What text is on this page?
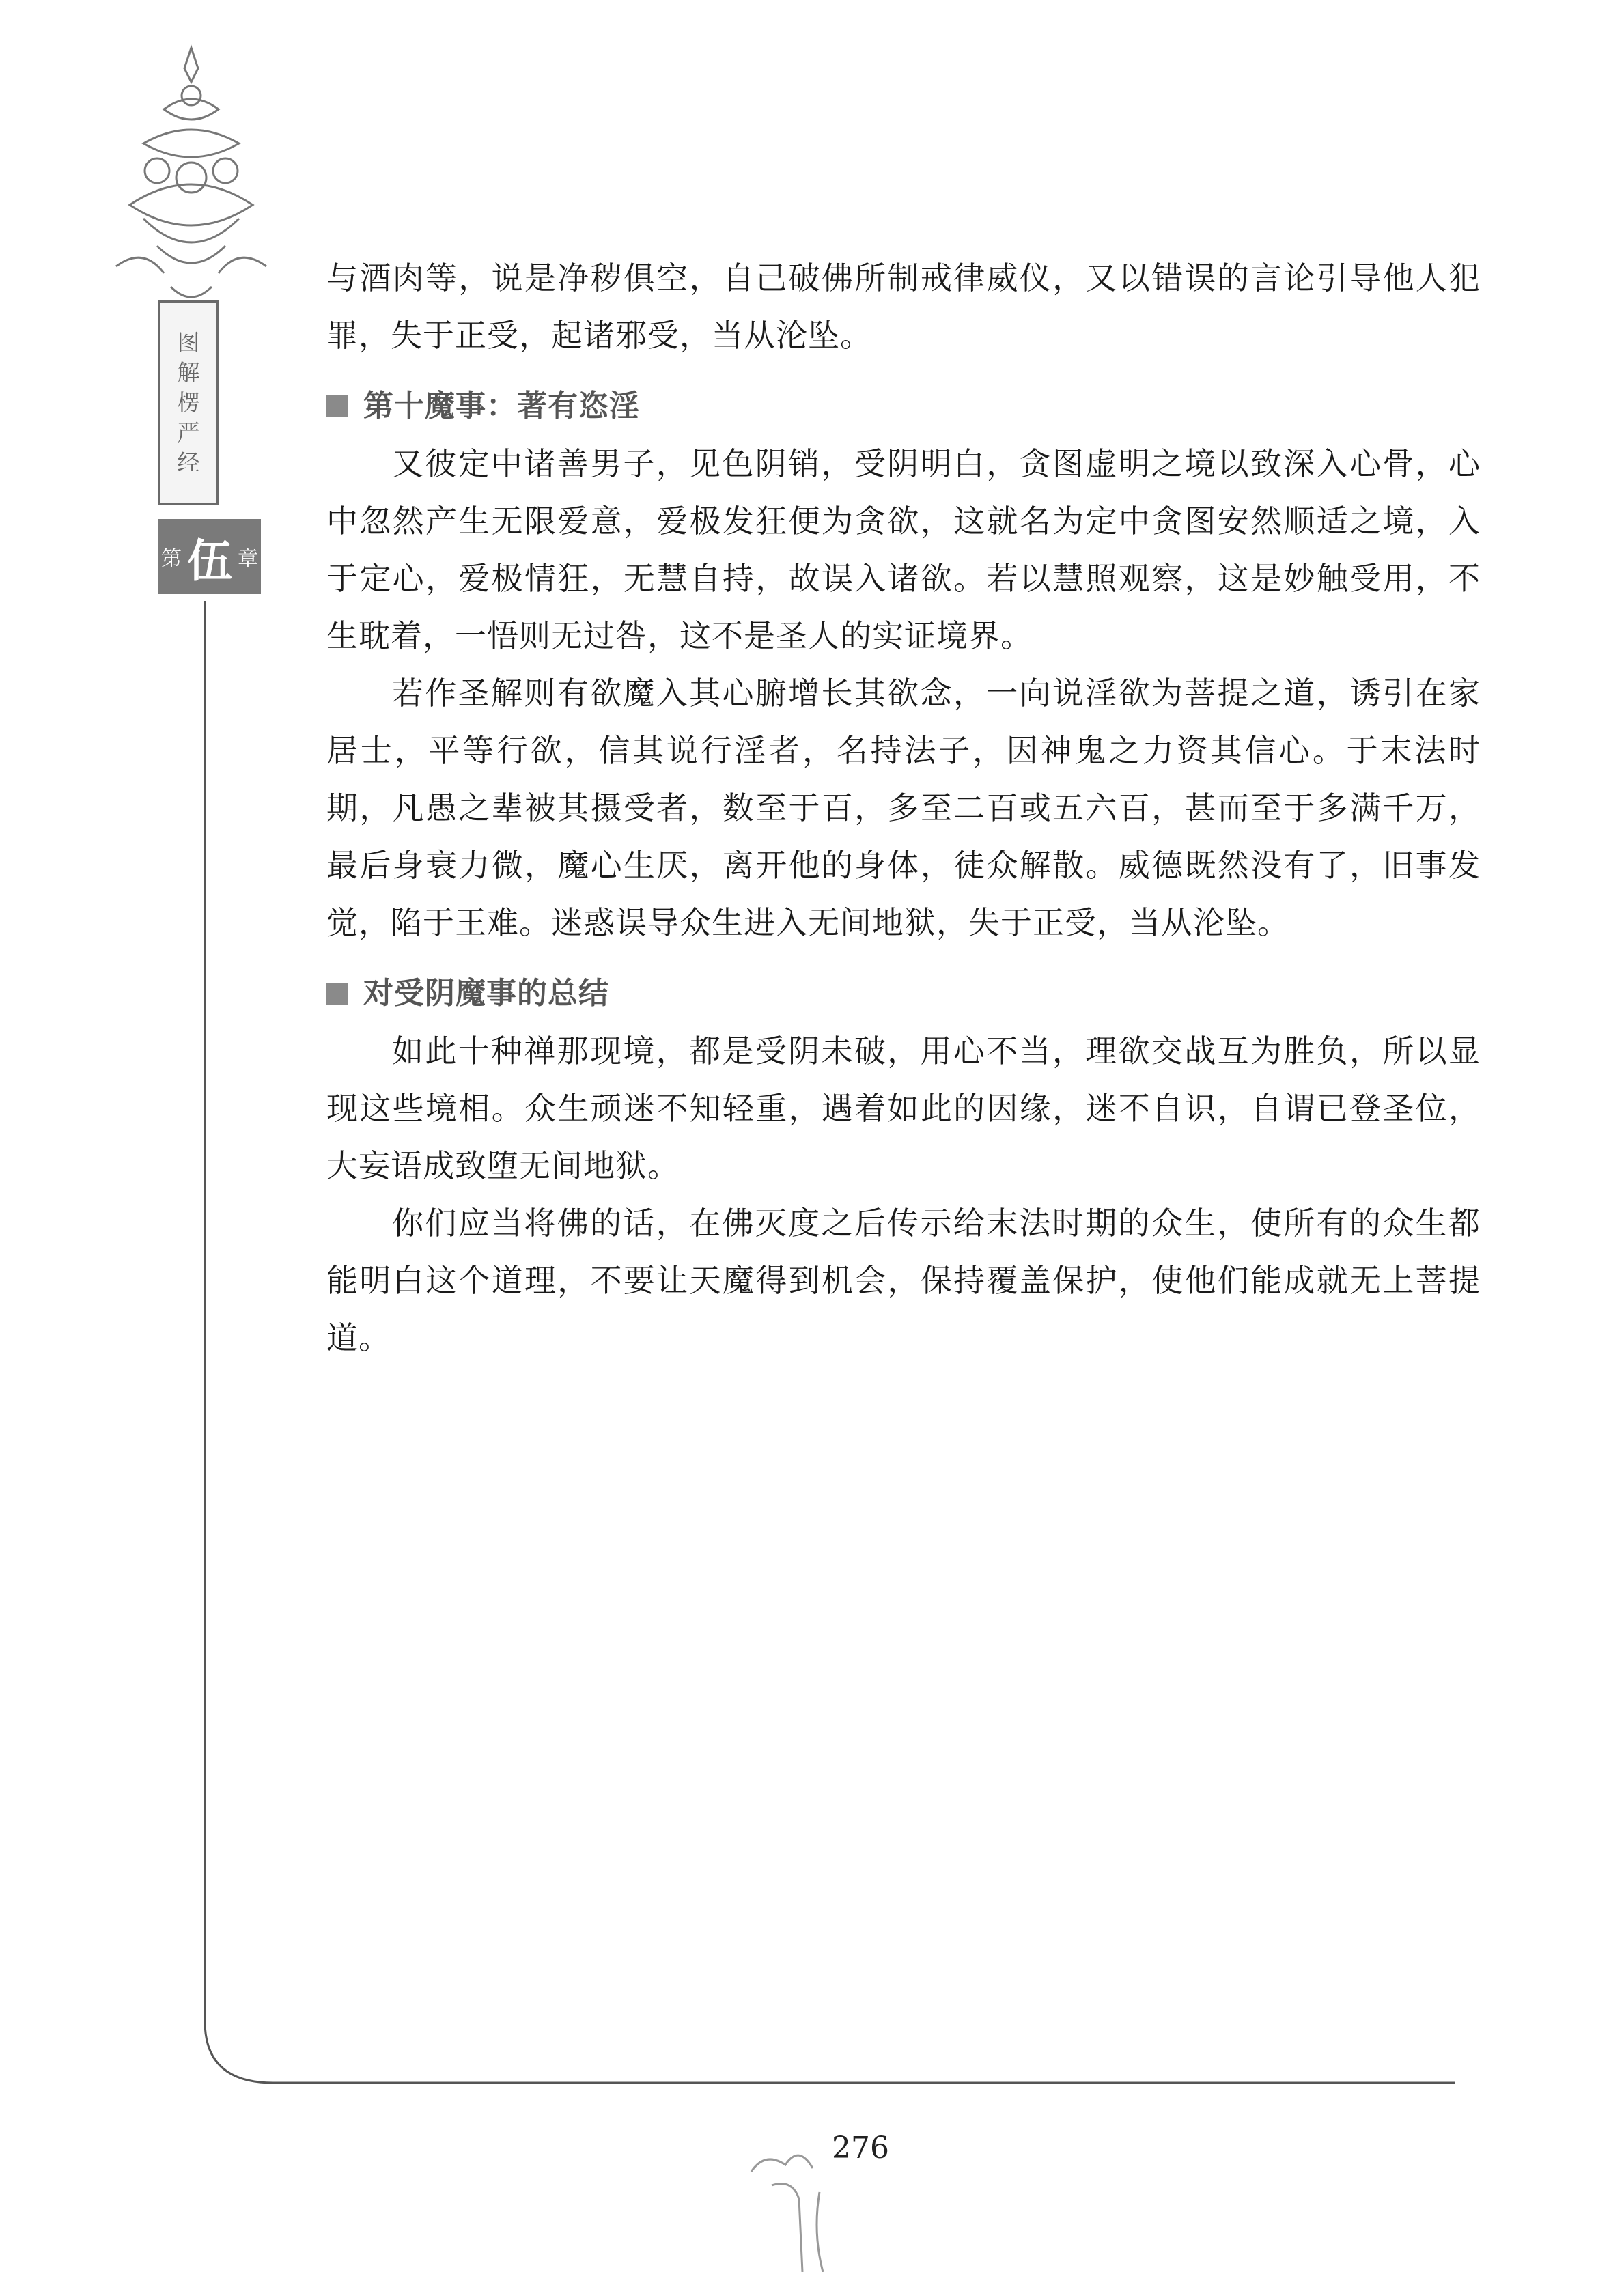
图
解
楞
严
经
第 伍 章

与酒肉等，说是净秽俱空，自己破佛所制戒律威仪，又以错误的言论引导他人犯罪，失于正受，起诸邪受，当从沦坠。

第十魔事：著有恣淫

又彼定中诸善男子，见色阴销，受阴明白，贪图虚明之境以致深入心骨，心中忽然产生无限爱意，爱极发狂便为贪欲，这就名为定中贪图安然顺适之境，入于定心，爱极情狂，无慧自持，故误入诸欲。若以慧照观察，这是妙触受用，不生耽着，一悟则无过咎，这不是圣人的实证境界。

若作圣解则有欲魔入其心腑增长其欲念，一向说淫欲为菩提之道，诱引在家居士，平等行欲，信其说行淫者，名持法子，因神鬼之力资其信心。于末法时期，凡愚之辈被其摄受者，数至于百，多至二百或五六百，甚而至于多满千万，最后身衰力微，魔心生厌，离开他的身体，徒众解散。威德既然没有了，旧事发觉，陷于王难。迷惑误导众生进入无间地狱，失于正受，当从沦坠。

对受阴魔事的总结

如此十种禅那现境，都是受阴未破，用心不当，理欲交战互为胜负，所以显现这些境相。众生顽迷不知轻重，遇着如此的因缘，迷不自识，自谓已登圣位，大妄语成致堕无间地狱。

你们应当将佛的话，在佛灭度之后传示给末法时期的众生，使所有的众生都能明白这个道理，不要让天魔得到机会，保持覆盖保护，使他们能成就无上菩提道。

276
